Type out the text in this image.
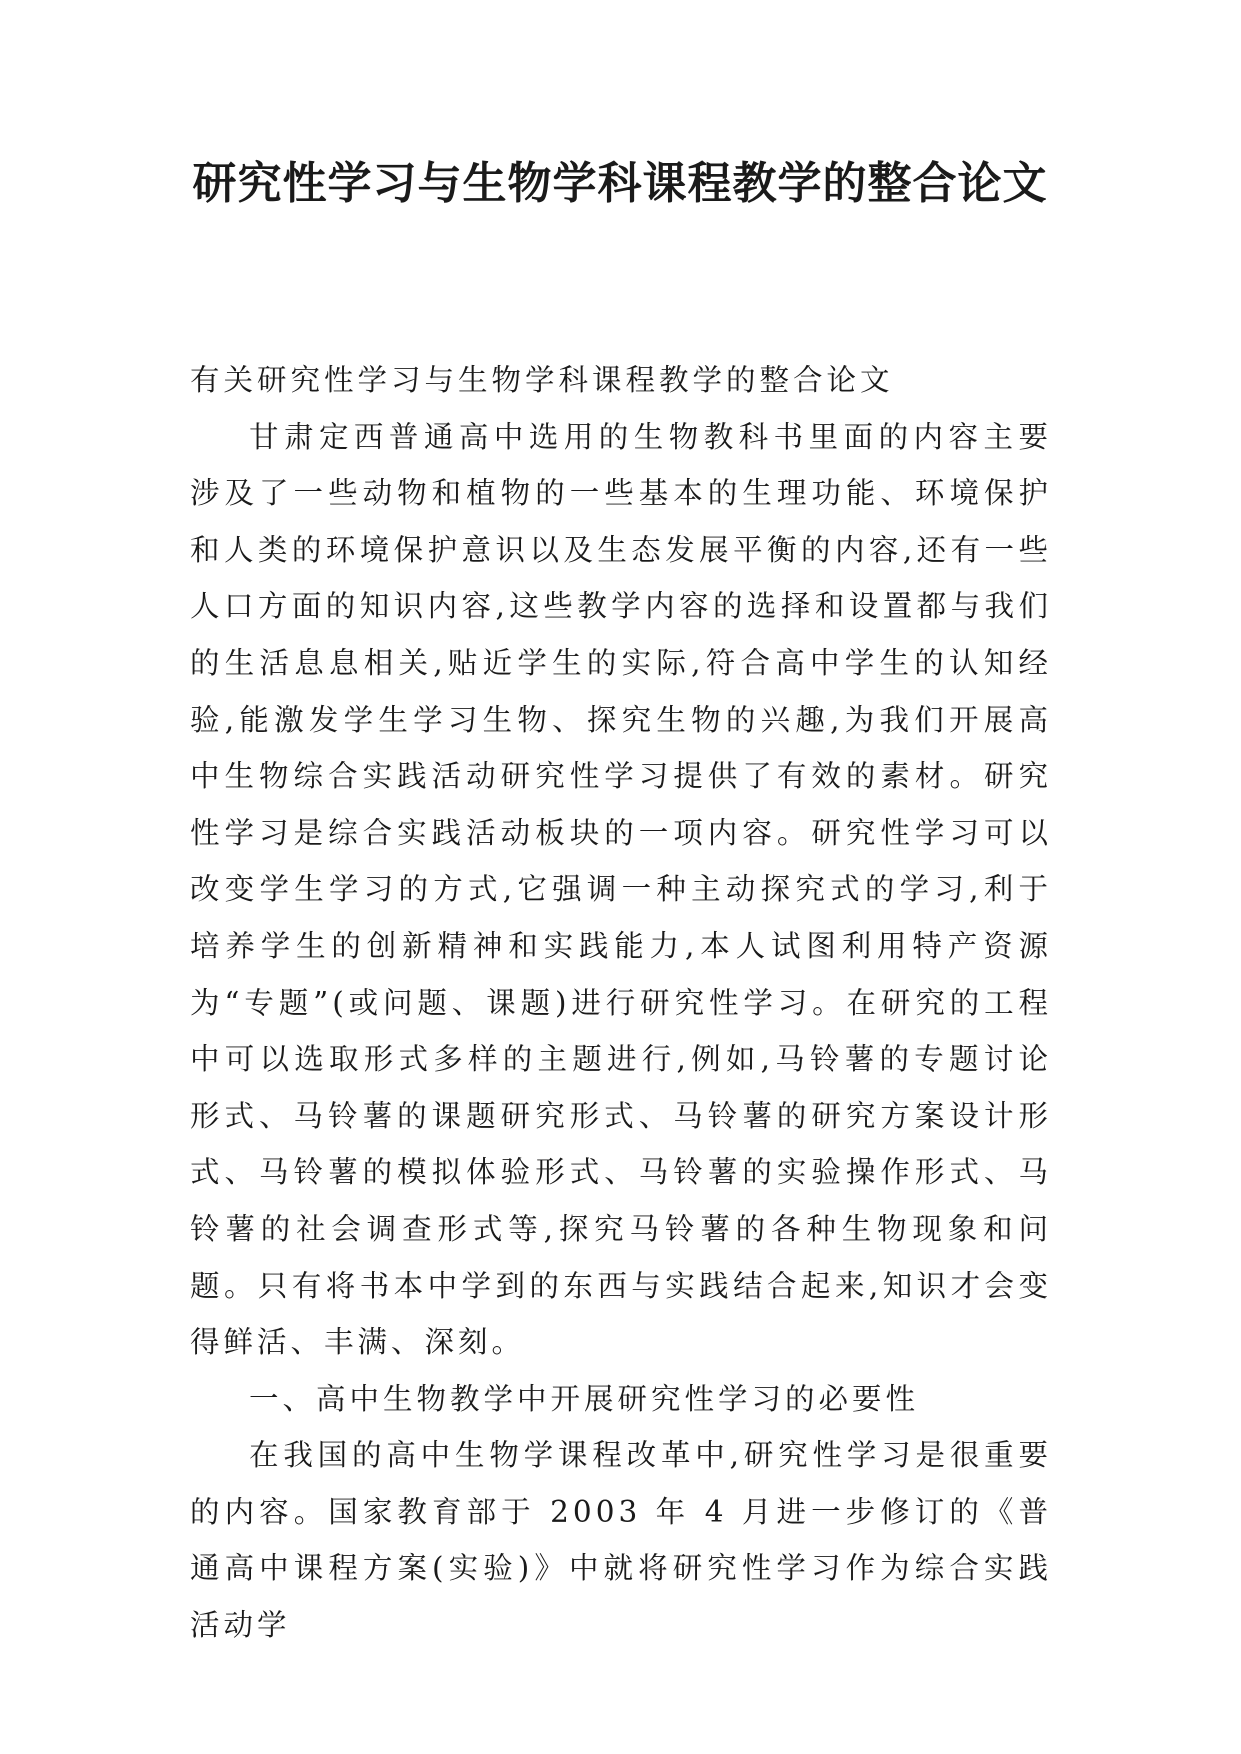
研究性学习与生物学科课程教学的整合论文

有关研究性学习与生物学科课程教学的整合论文

甘肃定西普通高中选用的生物教科书里面的内容主要涉及了一些动物和植物的一些基本的生理功能、环境保护和人类的环境保护意识以及生态发展平衡的内容,还有一些人口方面的知识内容,这些教学内容的选择和设置都与我们的生活息息相关,贴近学生的实际,符合高中学生的认知经验,能激发学生学习生物、探究生物的兴趣,为我们开展高中生物综合实践活动研究性学习提供了有效的素材。研究性学习是综合实践活动板块的一项内容。研究性学习可以改变学生学习的方式,它强调一种主动探究式的学习,利于培养学生的创新精神和实践能力,本人试图利用特产资源为“专题”(或问题、课题)进行研究性学习。在研究的工程中可以选取形式多样的主题进行,例如,马铃薯的专题讨论形式、马铃薯的课题研究形式、马铃薯的研究方案设计形式、马铃薯的模拟体验形式、马铃薯的实验操作形式、马铃薯的社会调查形式等,探究马铃薯的各种生物现象和问题。只有将书本中学到的东西与实践结合起来,知识才会变得鲜活、丰满、深刻。

一、高中生物教学中开展研究性学习的必要性

在我国的高中生物学课程改革中,研究性学习是很重要的内容。国家教育部于 2003 年 4 月进一步修订的《普通高中课程方案(实验)》中就将研究性学习作为综合实践活动学
